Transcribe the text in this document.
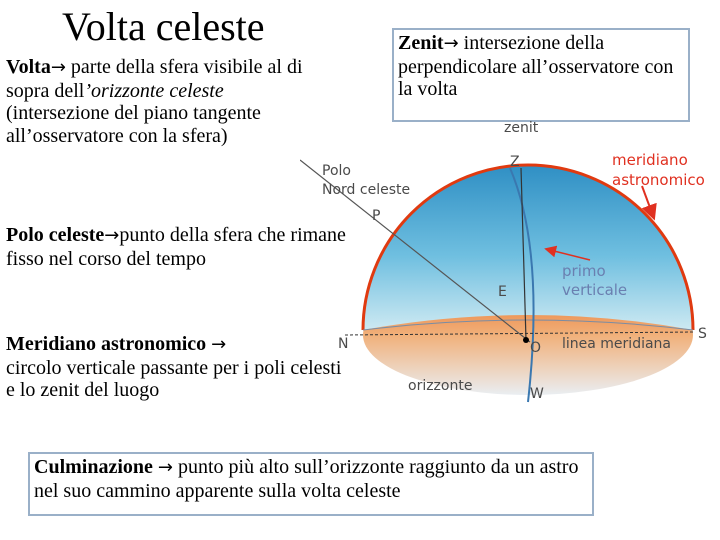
Volta celeste
Volta→ parte della sfera visibile al di sopra dell’orizzonte celeste (intersezione del piano tangente all’osservatore con la sfera)
Zenit→ intersezione della perpendicolare all’osservatore con la volta
Polo celeste→punto della sfera che rimane fisso nel corso del tempo
Meridiano astronomico →
circolo verticale passante per i poli celesti e lo zenit del luogo
zenit
Z
Polo
Nord celeste
P
meridiano
astronomico
primo
verticale
E
N	O linea meridiana
S
orizzonte	W
Culminazione → punto più alto sull’orizzonte raggiunto da un astro nel suo cammino apparente sulla volta celeste
